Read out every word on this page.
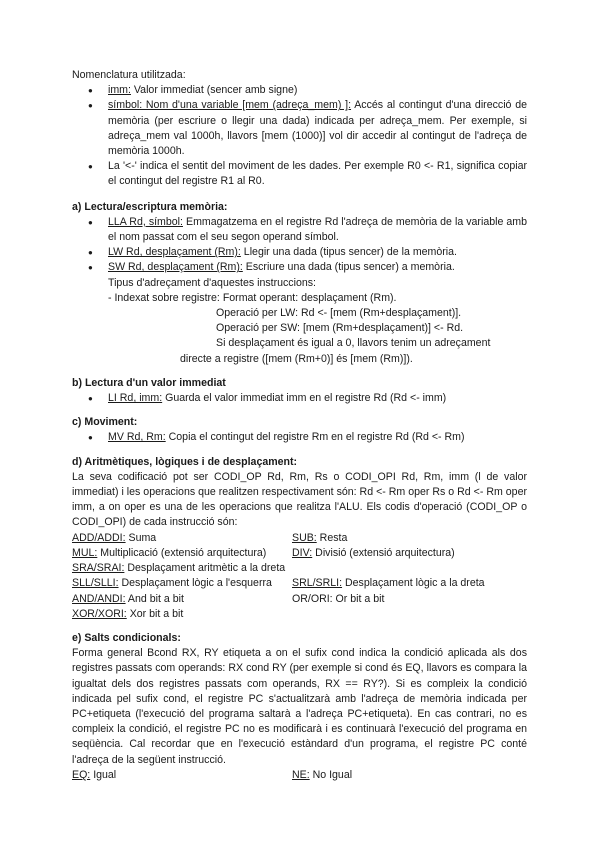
Nomenclatura utilitzada:

● imm: Valor immediat (sencer amb signe)
● símbol: Nom d'una variable [mem (adreça_mem) ]: Accés al contingut d'una direcció de memòria (per escriure o llegir una dada) indicada per adreça_mem. Per exemple, si adreça_mem val 1000h, llavors [mem (1000)] vol dir accedir al contingut de l'adreça de memòria 1000h.
● La '<-' indica el sentit del moviment de les dades. Per exemple R0 <- R1, significa copiar el contingut del registre R1 al R0.

a) Lectura/escriptura memòria:

● LLA Rd, símbol: Emmagatzema en el registre Rd l'adreça de memòria de la variable amb el nom passat com el seu segon operand símbol.
● LW Rd, desplaçament (Rm): Llegir una dada (tipus sencer) de la memòria.
● SW Rd, desplaçament (Rm): Escriure una dada (tipus sencer) a memòria.

Tipus d'adreçament d'aquestes instruccions:

- Indexat sobre registre: Format operant: desplaçament (Rm).

Operació per LW: Rd <- [mem (Rm+desplaçament)].

Operació per SW: [mem (Rm+desplaçament)] <- Rd.

Si desplaçament és igual a 0, llavors tenim un adreçament

directe a registre ([mem (Rm+0)] és [mem (Rm)]).

b) Lectura d'un valor immediat

● LI Rd, imm: Guarda el valor immediat imm en el registre Rd (Rd <- imm)

c) Moviment:

● MV Rd, Rm: Copia el contingut del registre Rm en el registre Rd (Rd <- Rm)

d) Aritmètiques, lògiques i de desplaçament:

La seva codificació pot ser CODI_OP Rd, Rm, Rs o CODI_OPI Rd, Rm, imm (l de valor immediat) i les operacions que realitzen respectivament són: Rd <- Rm oper Rs o Rd <- Rm oper imm, a on oper es una de les operacions que realitza l'ALU. Els codis d'operació (CODI_OP o CODI_OPI) de cada instrucció són:

ADD/ADDI: Suma	SUB: Resta
MUL: Multiplicació (extensió arquitectura)	DIV: Divisió (extensió arquitectura)
SRA/SRAI: Desplaçament aritmètic a la dreta
SLL/SLLI: Desplaçament lògic a l'esquerra	SRL/SRLI: Desplaçament lògic a la dreta
AND/ANDI: And bit a bit	OR/ORI: Or bit a bit
XOR/XORI: Xor bit a bit

e) Salts condicionals:

Forma general Bcond RX, RY etiqueta a on el sufix cond indica la condició aplicada als dos registres passats com operands: RX cond RY (per exemple si cond és EQ, llavors es compara la igualtat dels dos registres passats com operands, RX == RY?). Si es compleix la condició indicada pel sufix cond, el registre PC s'actualitzarà amb l'adreça de memòria indicada per PC+etiqueta (l'execució del programa saltarà a l'adreça PC+etiqueta). En cas contrari, no es compleix la condició, el registre PC no es modificarà i es continuarà l'execució del programa en seqüència. Cal recordar que en l'execució estàndard d'un programa, el registre PC conté l'adreça de la següent instrucció.

EQ: Igual	NE: No Igual
